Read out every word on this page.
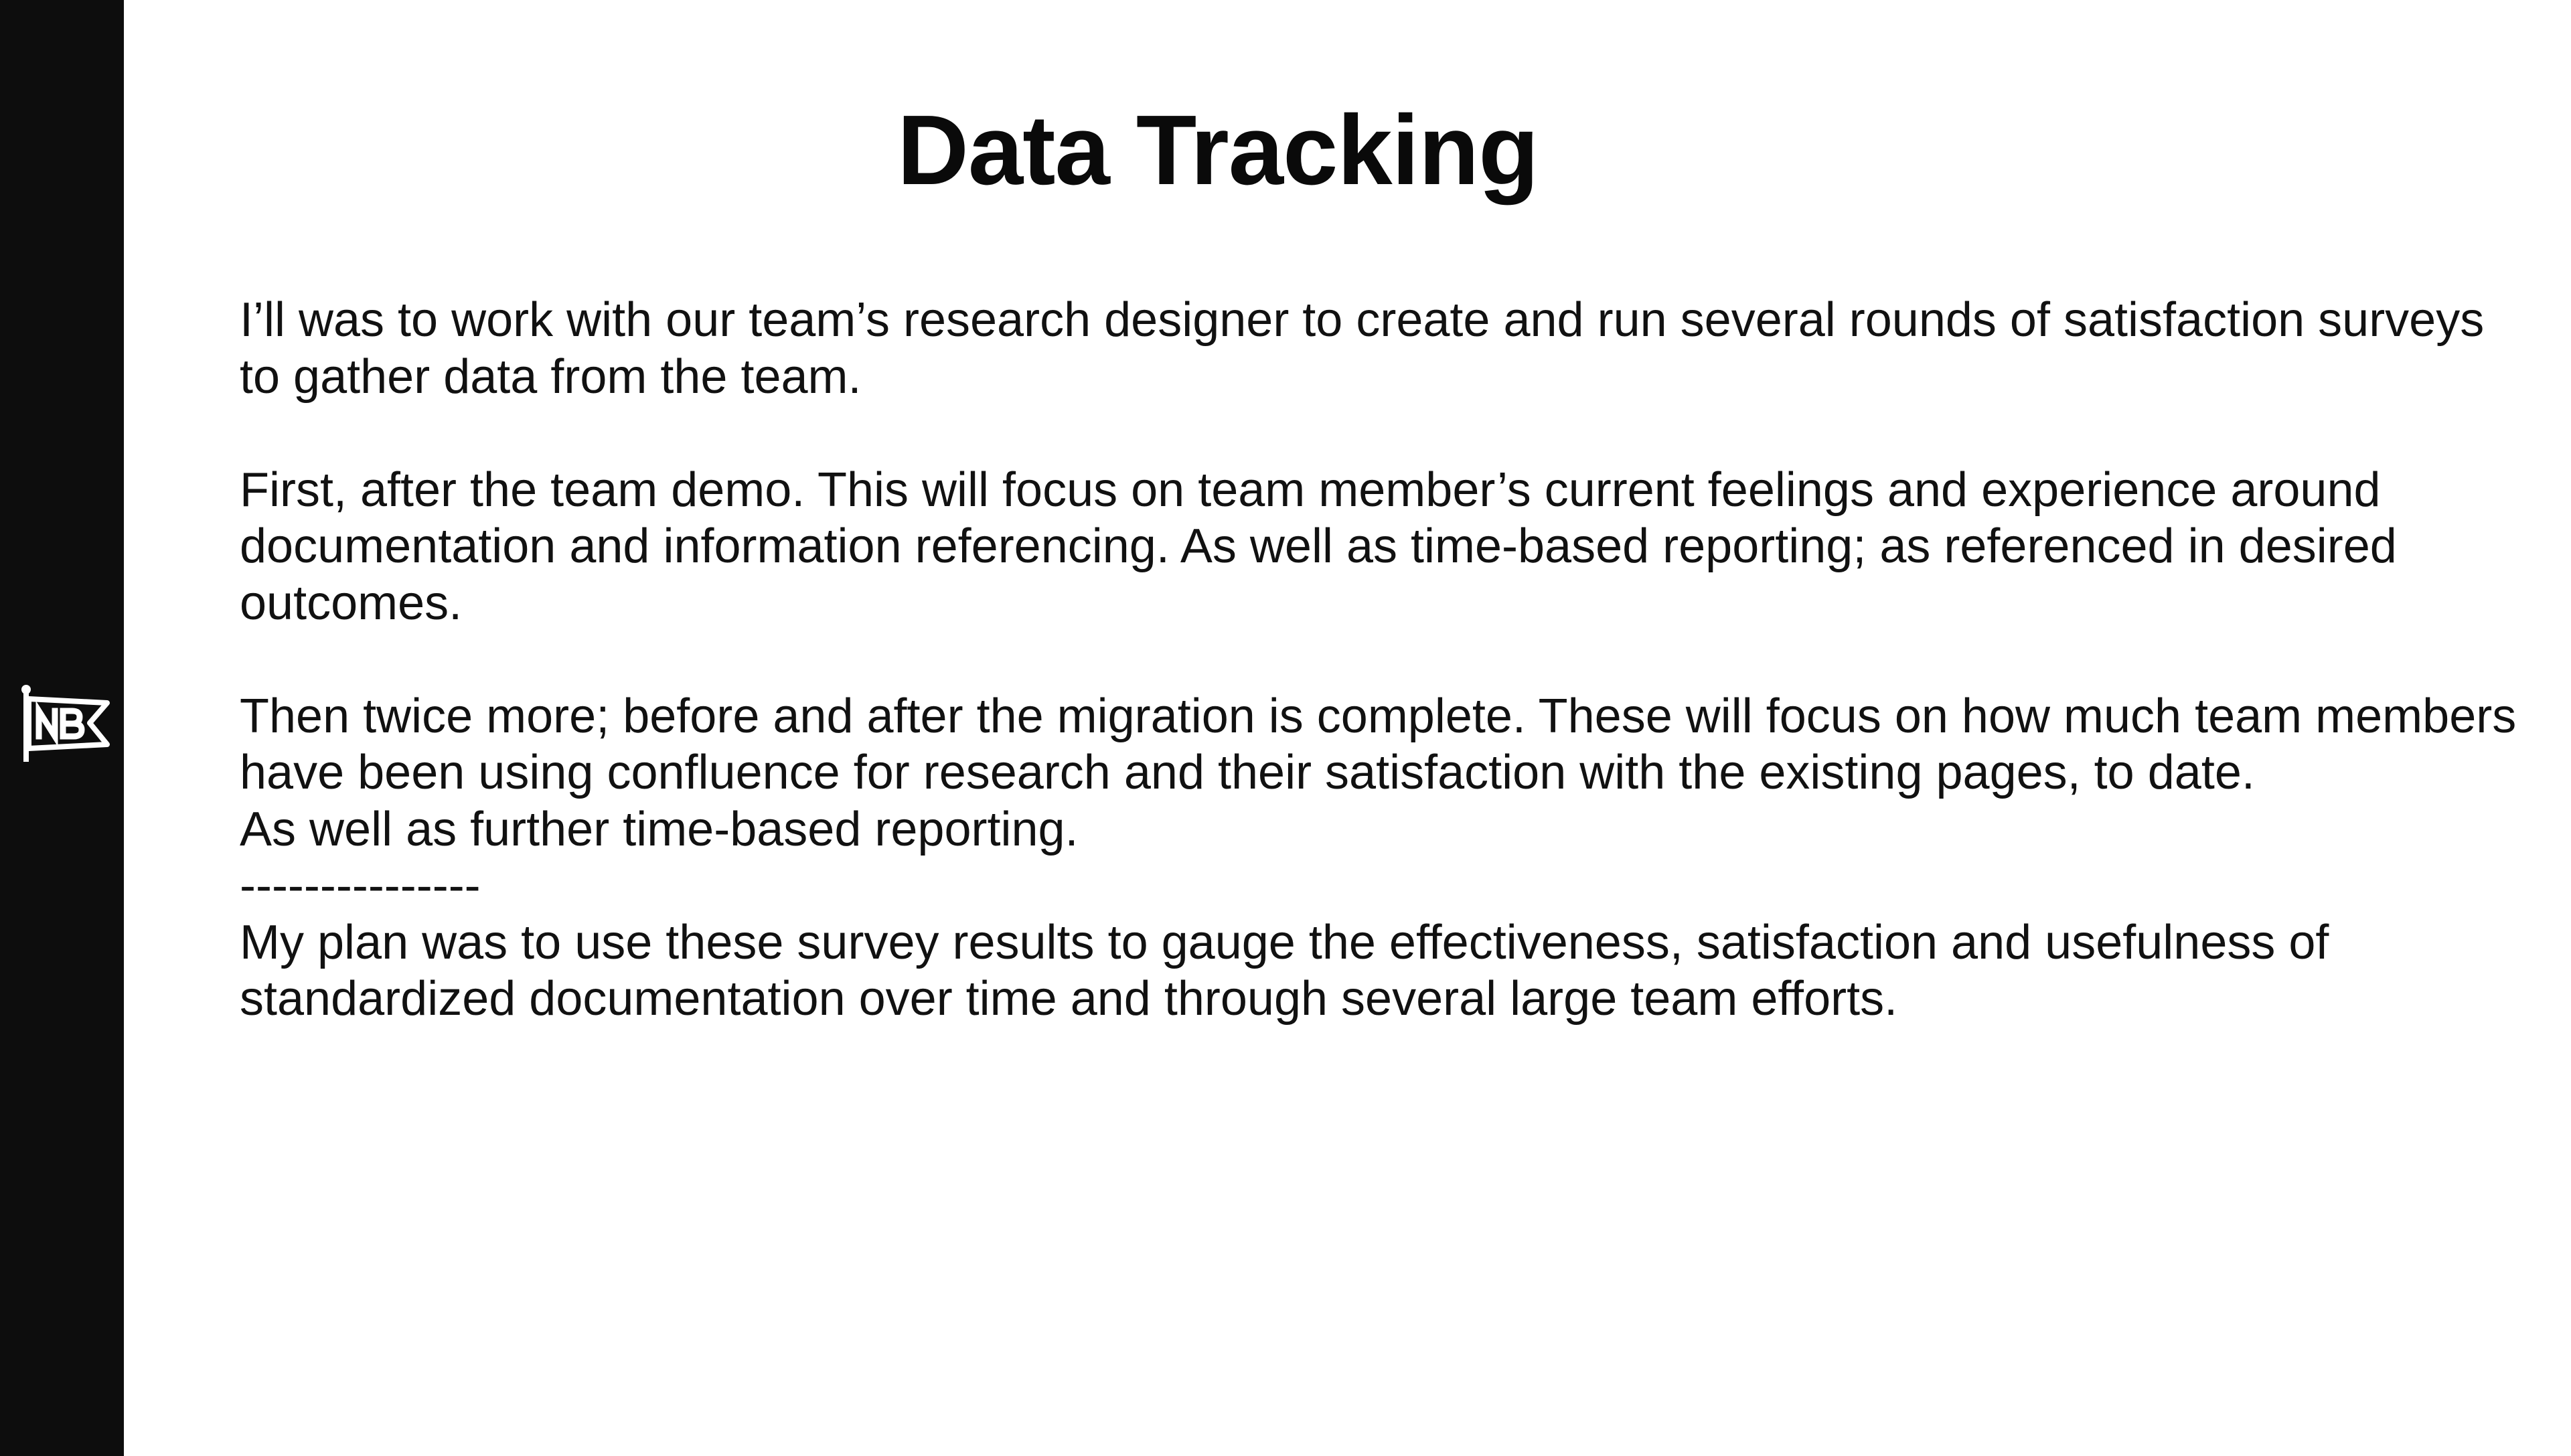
Data Tracking
I’ll was to work with our team’s research designer to create and run several rounds of satisfaction surveys
to gather data from the team.
First, after the team demo. This will focus on team member’s current feelings and experience around
documentation and information referencing. As well as time-based reporting; as referenced in desired
outcomes.
Then twice more; before and after the migration is complete. These will focus on how much team members
have been using confluence for research and their satisfaction with the existing pages, to date.
As well as further time-based reporting.
---------------
My plan was to use these survey results to gauge the effectiveness, satisfaction and usefulness of
standardized documentation over time and through several large team efforts.
